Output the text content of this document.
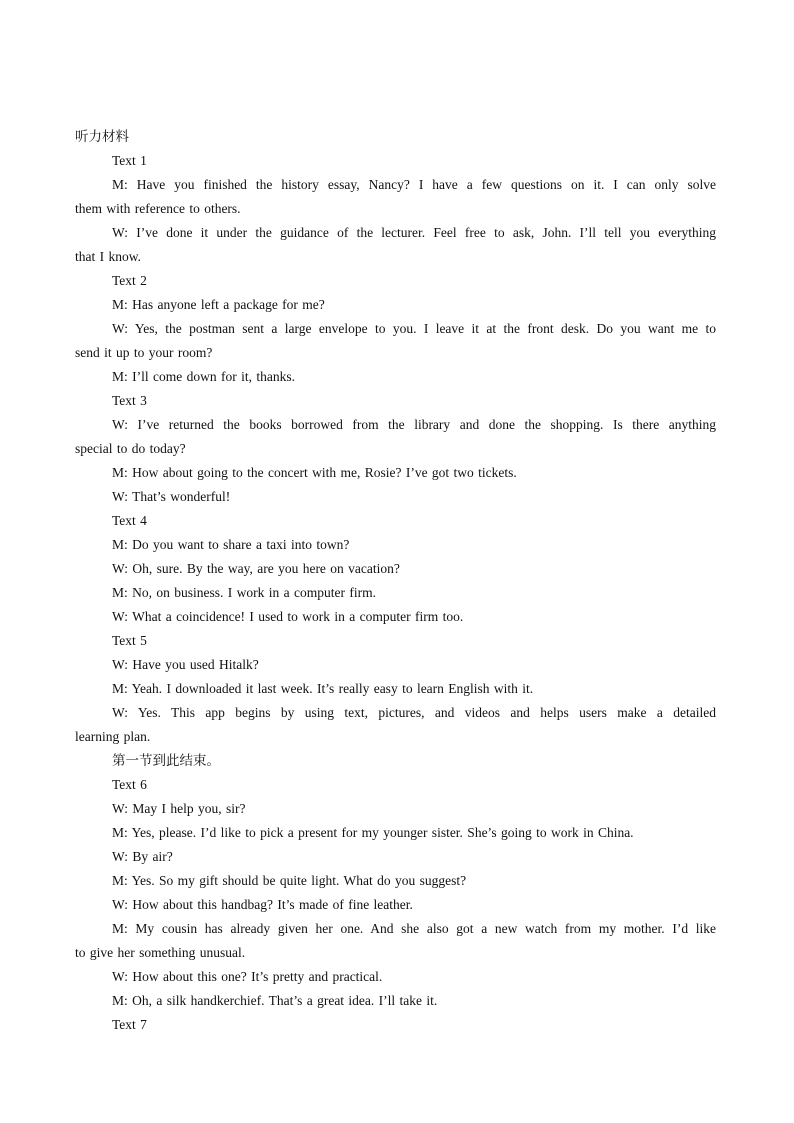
听力材料
Text 1
M: Have you finished the history essay, Nancy? I have a few questions on it. I can only solve
them with reference to others.
W: I’ve done it under the guidance of the lecturer. Feel free to ask, John. I’ll tell you everything
that I know.
Text 2
M: Has anyone left a package for me?
W: Yes, the postman sent a large envelope to you. I leave it at the front desk. Do you want me to
send it up to your room?
M: I’ll come down for it, thanks.
Text 3
W: I’ve returned the books borrowed from the library and done the shopping. Is there anything
special to do today?
M: How about going to the concert with me, Rosie? I’ve got two tickets.
W: That’s wonderful!
Text 4
M: Do you want to share a taxi into town?
W: Oh, sure. By the way, are you here on vacation?
M: No, on business. I work in a computer firm.
W: What a coincidence! I used to work in a computer firm too.
Text 5
W: Have you used Hitalk?
M: Yeah. I downloaded it last week. It’s really easy to learn English with it.
W: Yes. This app begins by using text, pictures, and videos and helps users make a detailed
learning plan.
第一节到此结束。
Text 6
W: May I help you, sir?
M: Yes, please. I’d like to pick a present for my younger sister. She’s going to work in China.
W: By air?
M: Yes. So my gift should be quite light. What do you suggest?
W: How about this handbag? It’s made of fine leather.
M: My cousin has already given her one. And she also got a new watch from my mother. I’d like
to give her something unusual.
W: How about this one? It’s pretty and practical.
M: Oh, a silk handkerchief. That’s a great idea. I’ll take it.
Text 7
